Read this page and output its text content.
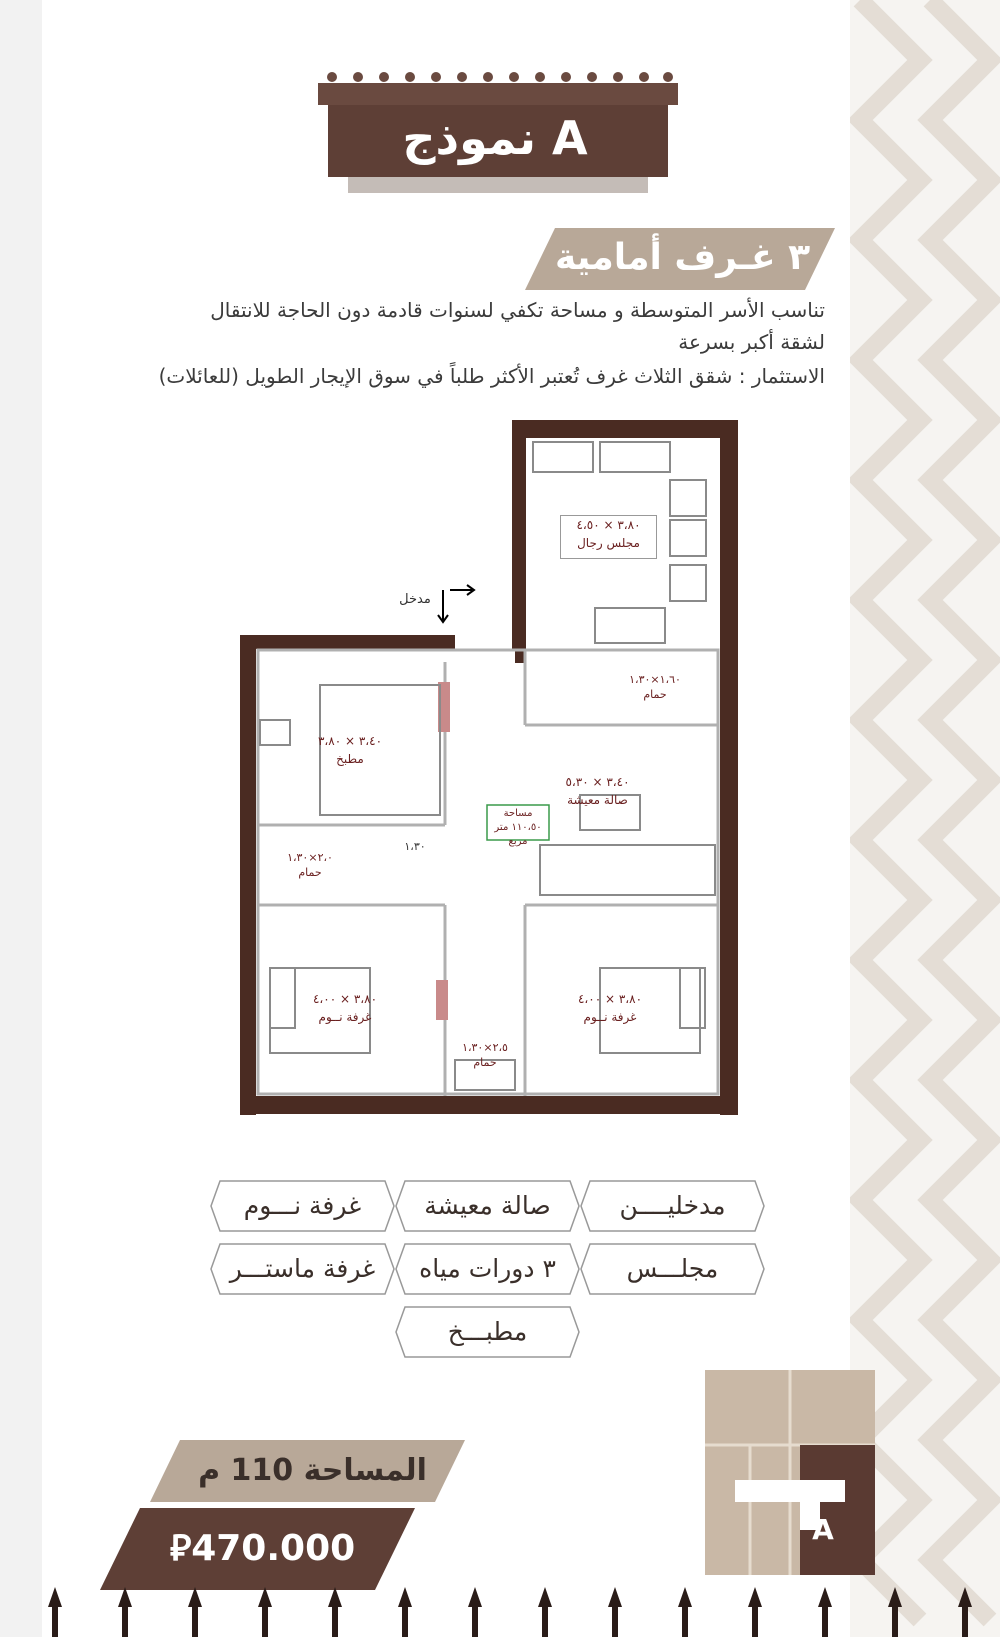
نموذج A
٣ غـرف أمامية
تناسب الأسر المتوسطة و مساحة تكفي لسنوات قادمة دون الحاجة للانتقال
لشقة أكبر بسرعة
الاستثمار : شقق الثلاث غرف تُعتبر الأكثر طلباً في سوق الإيجار الطويل (للعائلات)
مدخل
٣،٨٠ × ٤،٥٠
مجلس رجال
٣،٤٠ × ٣،٨٠
مطبخ
١،٦٠×١،٣٠
حمام
٣،٤٠ × ٥،٣٠
صالة معيشة
مساحة
١١٠،٥٠ متر مربع
٢،٠×١،٣٠
حمام
١،٣٠
٣،٨٠ × ٤،٠٠
غرفة نــوم
٣،٨٠ × ٤،٠٠
غرفة نــوم
٢،٥×١،٣٠
حمام
مدخليــــن
صالة معيشة
غرفة نـــوم
مجلـــس
٣ دورات مياه
غرفة ماستـــر
مطبـــخ
A
المساحة 110 م
⃁470.000
